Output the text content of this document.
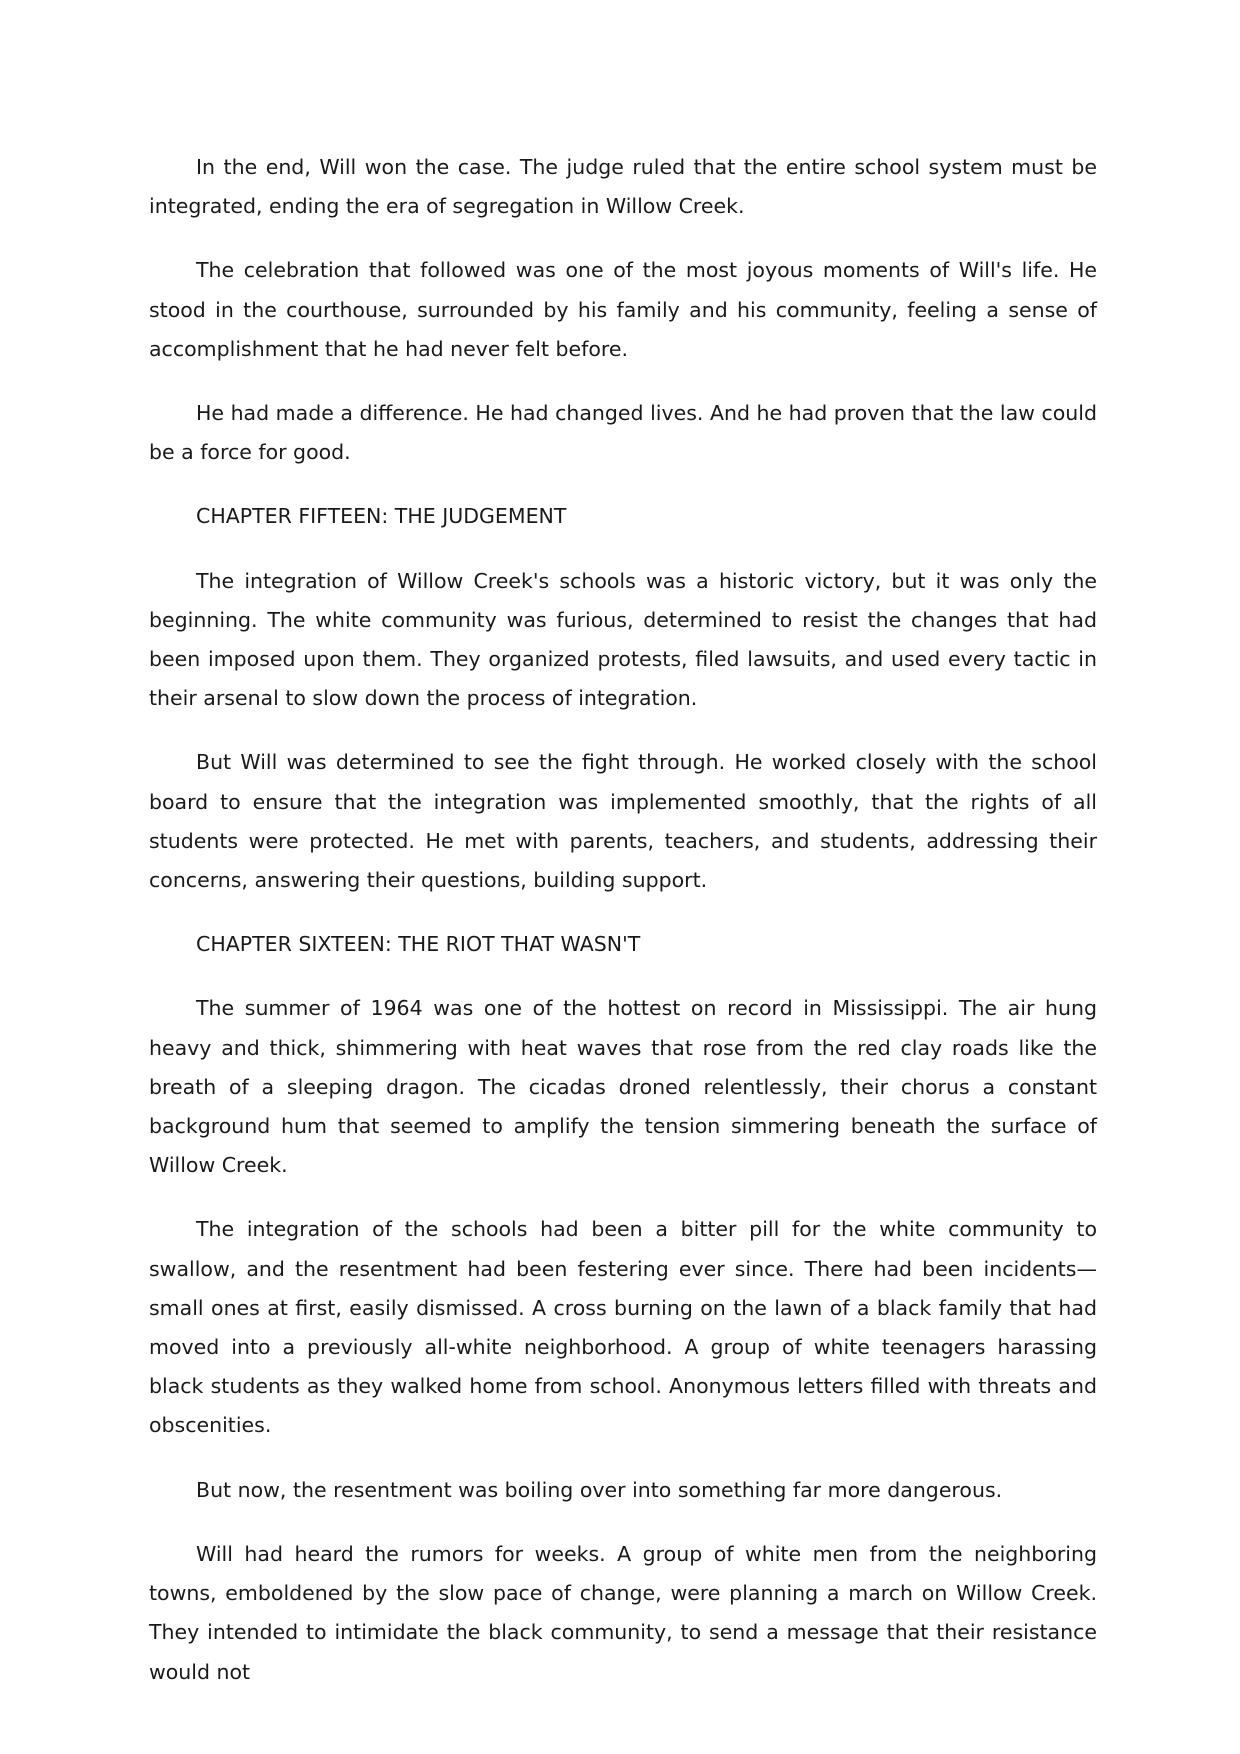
In the end, Will won the case. The judge ruled that the entire school system must be integrated, ending the era of segregation in Willow Creek.

The celebration that followed was one of the most joyous moments of Will's life. He stood in the courthouse, surrounded by his family and his community, feeling a sense of accomplishment that he had never felt before.

He had made a difference. He had changed lives. And he had proven that the law could be a force for good.

CHAPTER FIFTEEN: THE JUDGEMENT

The integration of Willow Creek's schools was a historic victory, but it was only the beginning. The white community was furious, determined to resist the changes that had been imposed upon them. They organized protests, filed lawsuits, and used every tactic in their arsenal to slow down the process of integration.

But Will was determined to see the fight through. He worked closely with the school board to ensure that the integration was implemented smoothly, that the rights of all students were protected. He met with parents, teachers, and students, addressing their concerns, answering their questions, building support.

CHAPTER SIXTEEN: THE RIOT THAT WASN'T

The summer of 1964 was one of the hottest on record in Mississippi. The air hung heavy and thick, shimmering with heat waves that rose from the red clay roads like the breath of a sleeping dragon. The cicadas droned relentlessly, their chorus a constant background hum that seemed to amplify the tension simmering beneath the surface of Willow Creek.

The integration of the schools had been a bitter pill for the white community to swallow, and the resentment had been festering ever since. There had been incidents—small ones at first, easily dismissed. A cross burning on the lawn of a black family that had moved into a previously all-white neighborhood. A group of white teenagers harassing black students as they walked home from school. Anonymous letters filled with threats and obscenities.

But now, the resentment was boiling over into something far more dangerous.

Will had heard the rumors for weeks. A group of white men from the neighboring towns, emboldened by the slow pace of change, were planning a march on Willow Creek. They intended to intimidate the black community, to send a message that their resistance would not
